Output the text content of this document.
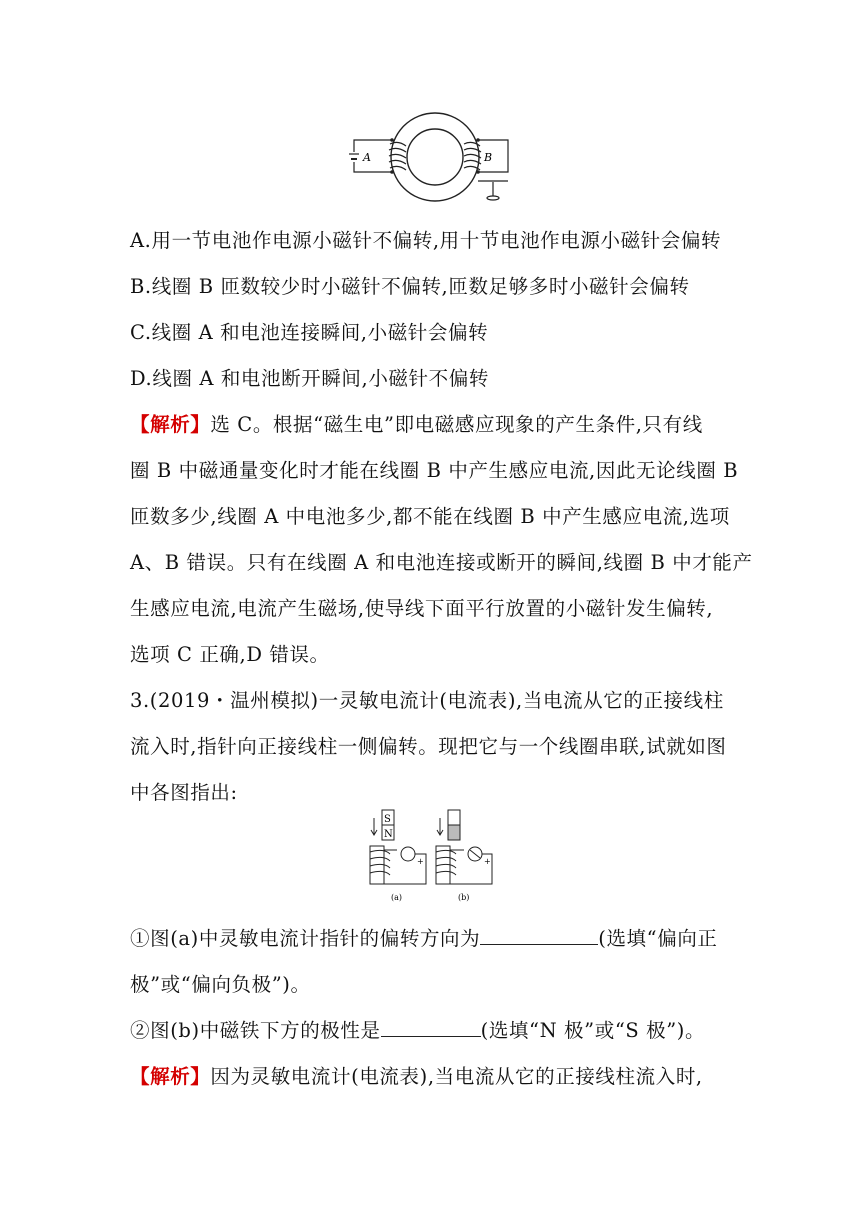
A	B
A.用一节电池作电源小磁针不偏转,用十节电池作电源小磁针会偏转
B.线圈 B 匝数较少时小磁针不偏转,匝数足够多时小磁针会偏转
C.线圈 A 和电池连接瞬间,小磁针会偏转
D.线圈 A 和电池断开瞬间,小磁针不偏转
【解析】选 C。根据“磁生电”即电磁感应现象的产生条件,只有线
圈 B 中磁通量变化时才能在线圈 B 中产生感应电流,因此无论线圈 B
匝数多少,线圈 A 中电池多少,都不能在线圈 B 中产生感应电流,选项
A、B 错误。只有在线圈 A 和电池连接或断开的瞬间,线圈 B 中才能产
生感应电流,电流产生磁场,使导线下面平行放置的小磁针发生偏转,
选项 C 正确,D 错误。
3.(2019・温州模拟)一灵敏电流计(电流表),当电流从它的正接线柱
流入时,指针向正接线柱一侧偏转。现把它与一个线圈串联,试就如图
中各图指出:
S
N
+	+
(a)	(b)
①图(a)中灵敏电流计指针的偏转方向为	(选填“偏向正
极”或“偏向负极”)。
②图(b)中磁铁下方的极性是	(选填“N 极”或“S 极”)。
【解析】因为灵敏电流计(电流表),当电流从它的正接线柱流入时,
